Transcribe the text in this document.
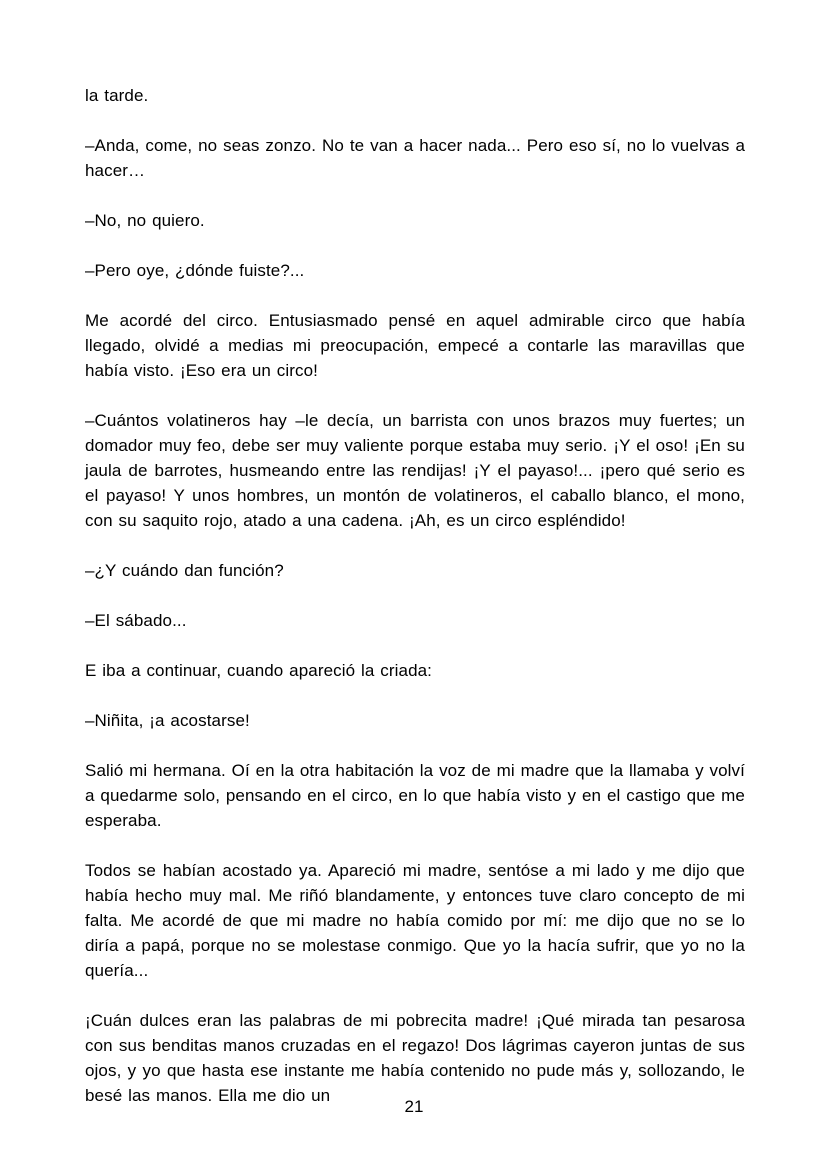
la tarde.
–Anda, come, no seas zonzo. No te van a hacer nada... Pero eso sí, no lo vuelvas a hacer…
–No, no quiero.
–Pero oye, ¿dónde fuiste?...
Me acordé del circo. Entusiasmado pensé en aquel admirable circo que había llegado, olvidé a medias mi preocupación, empecé a contarle las maravillas que había visto. ¡Eso era un circo!
–Cuántos volatineros hay –le decía, un barrista con unos brazos muy fuertes; un domador muy feo, debe ser muy valiente porque estaba muy serio. ¡Y el oso! ¡En su jaula de barrotes, husmeando entre las rendijas! ¡Y el payaso!... ¡pero qué serio es el payaso! Y unos hombres, un montón de volatineros, el caballo blanco, el mono, con su saquito rojo, atado a una cadena. ¡Ah, es un circo espléndido!
–¿Y cuándo dan función?
–El sábado...
E iba a continuar, cuando apareció la criada:
–Niñita, ¡a acostarse!
Salió mi hermana. Oí en la otra habitación la voz de mi madre que la llamaba y volví a quedarme solo, pensando en el circo, en lo que había visto y en el castigo que me esperaba.
Todos se habían acostado ya. Apareció mi madre, sentóse a mi lado y me dijo que había hecho muy mal. Me riñó blandamente, y entonces tuve claro concepto de mi falta. Me acordé de que mi madre no había comido por mí: me dijo que no se lo diría a papá, porque no se molestase conmigo. Que yo la hacía sufrir, que yo no la quería...
¡Cuán dulces eran las palabras de mi pobrecita madre! ¡Qué mirada tan pesarosa con sus benditas manos cruzadas en el regazo! Dos lágrimas cayeron juntas de sus ojos, y yo que hasta ese instante me había contenido no pude más y, sollozando, le besé las manos. Ella me dio un
21
